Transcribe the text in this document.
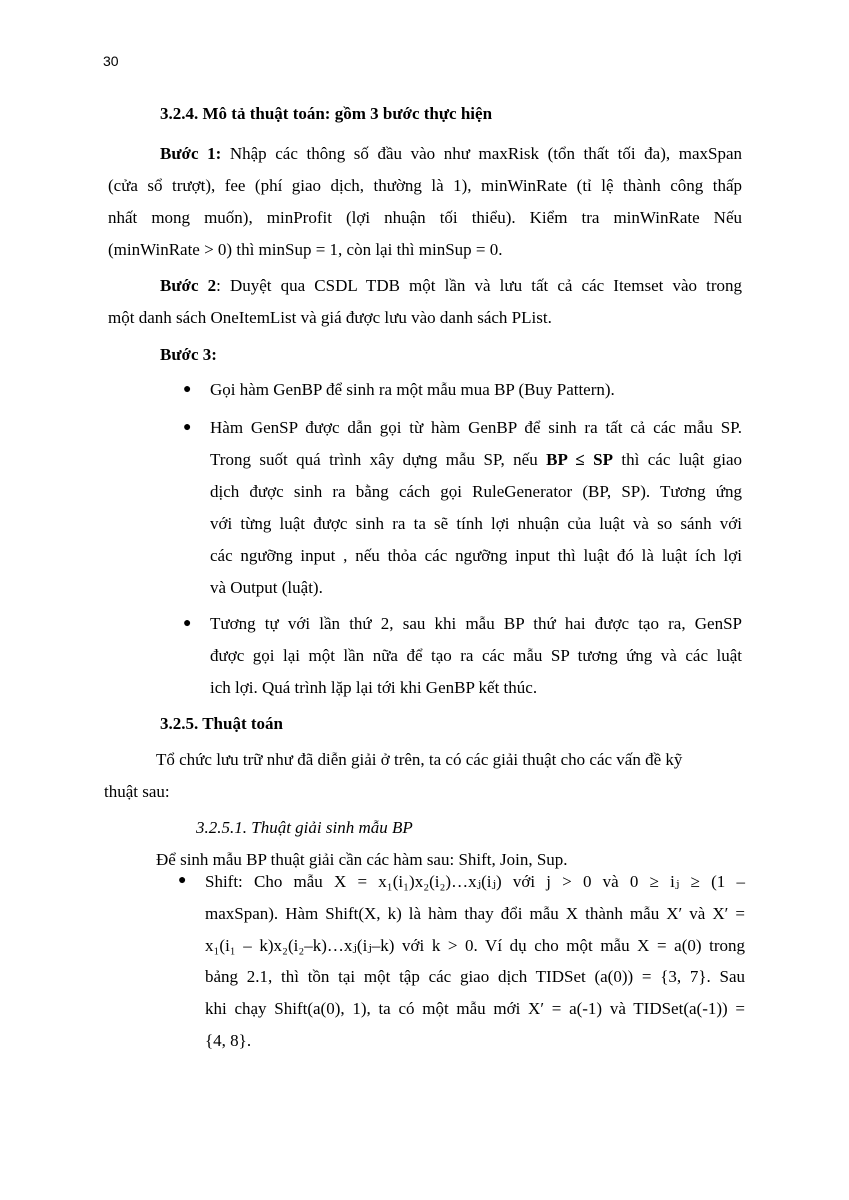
30
3.2.4. Mô tả thuật toán: gồm 3 bước thực hiện
Bước 1: Nhập các thông số đầu vào như maxRisk (tổn thất tối đa), maxSpan
(cửa sổ trượt), fee (phí giao dịch, thường là 1), minWinRate (tỉ lệ thành công thấp
nhất mong muốn), minProfit (lợi nhuận tối thiểu). Kiểm tra minWinRate Nếu
(minWinRate > 0) thì minSup = 1, còn lại thì minSup = 0.
Bước 2: Duyệt qua CSDL TDB một lần và lưu tất cả các Itemset vào trong
một danh sách OneItemList và giá được lưu vào danh sách PList.
Bước 3:
● Gọi hàm GenBP để sinh ra một mẫu mua BP (Buy Pattern).
● Hàm GenSP được dẫn gọi từ hàm GenBP để sinh ra tất cả các mẫu SP.
Trong suốt quá trình xây dựng mẫu SP, nếu BP ≤ SP thì các luật giao
dịch được sinh ra bằng cách gọi RuleGenerator (BP, SP). Tương ứng
với từng luật được sinh ra ta sẽ tính lợi nhuận của luật và so sánh với
các ngưỡng input , nếu thỏa các ngưỡng input thì luật đó là luật ích lợi
và Output (luật).
● Tương tự với lần thứ 2, sau khi mẫu BP thứ hai được tạo ra, GenSP
được gọi lại một lần nữa để tạo ra các mẫu SP tương ứng và các luật
ich lợi. Quá trình lặp lại tới khi GenBP kết thúc.
3.2.5. Thuật toán
Tổ chức lưu trữ như đã diễn giải ở trên, ta có các giải thuật cho các vấn đề kỹ
thuật sau:
3.2.5.1. Thuật giải sinh mẫu BP
Để sinh mẫu BP thuật giải cần các hàm sau: Shift, Join, Sup.
● Shift: Cho mẫu X = x₁(i₁)x₂(i₂)…xⱼ(iⱼ) với j > 0 và 0 ≥ iⱼ ≥ (1 –
maxSpan). Hàm Shift(X, k) là hàm thay đổi mẫu X thành mẫu X′ và X′ =
x₁(i₁ – k)x₂(i₂–k)…xⱼ(iⱼ–k) với k > 0. Ví dụ cho một mẫu X = a(0) trong
bảng 2.1, thì tồn tại một tập các giao dịch TIDSet (a(0)) = {3, 7}. Sau
khi chạy Shift(a(0), 1), ta có một mẫu mới X′ = a(-1) và TIDSet(a(-1)) =
{4, 8}.
